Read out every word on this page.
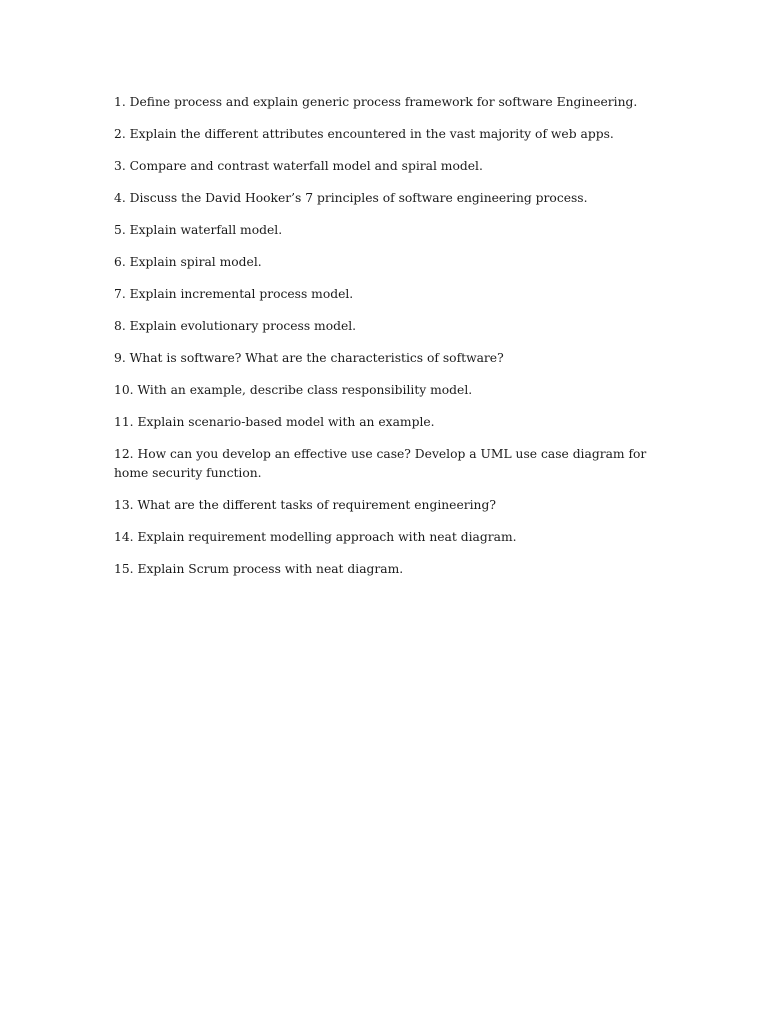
1. Define process and explain generic process framework for software Engineering.
2. Explain the different attributes encountered in the vast majority of web apps.
3. Compare and contrast waterfall model and spiral model.
4. Discuss the David Hooker’s 7 principles of software engineering process.
5. Explain waterfall model.
6. Explain spiral model.
7. Explain incremental process model.
8. Explain evolutionary process model.
9. What is software? What are the characteristics of software?
10. With an example, describe class responsibility model.
11. Explain scenario-based model with an example.
12. How can you develop an effective use case? Develop a UML use case diagram for home security function.
13. What are the different tasks of requirement engineering?
14. Explain requirement modelling approach with neat diagram.
15. Explain Scrum process with neat diagram.
